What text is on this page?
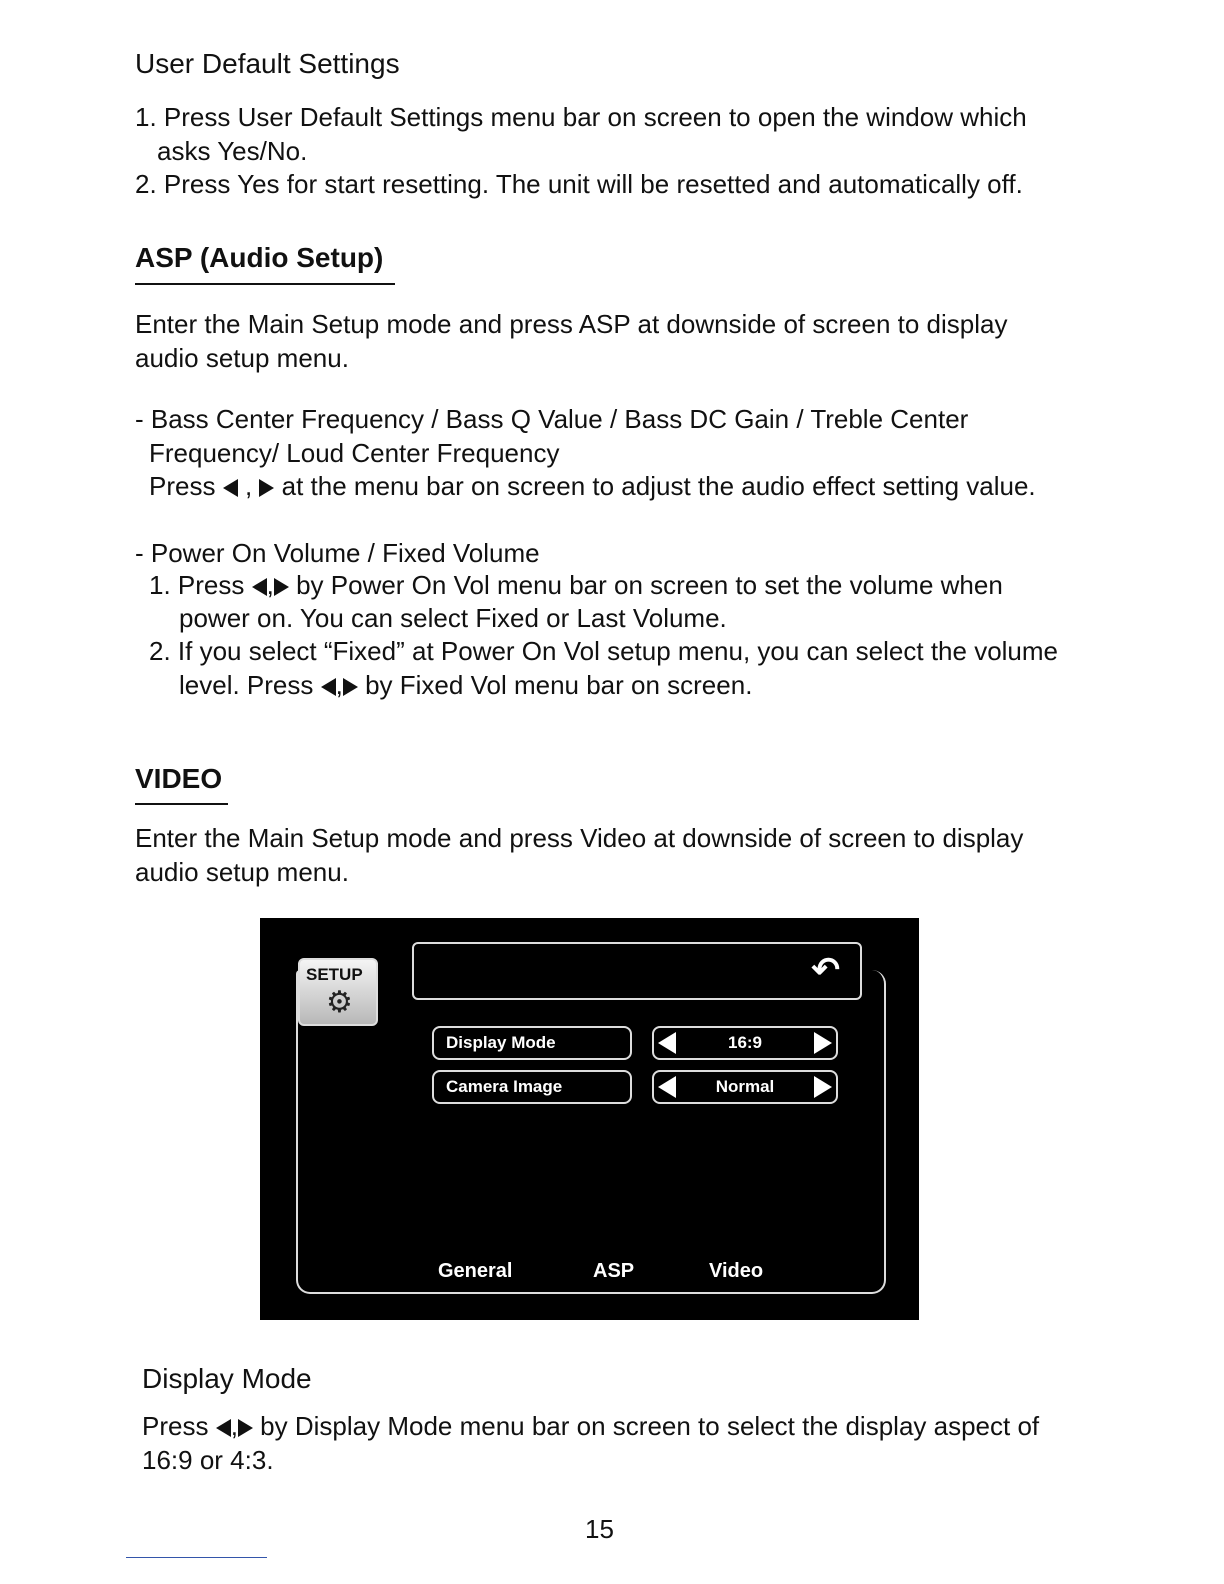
User Default Settings
1. Press User Default Settings menu bar on screen to open the window which
asks Yes/No.
2. Press Yes for start resetting. The unit will be resetted and automatically off.
ASP (Audio Setup)
Enter the Main Setup mode and press ASP at downside of screen to display
audio setup menu.
- Bass Center Frequency / Bass Q Value / Bass DC Gain / Treble Center
Frequency/ Loud Center Frequency
Press , at the menu bar on screen to adjust the audio effect setting value.
- Power On Volume / Fixed Volume
1. Press , by Power On Vol menu bar on screen to set the volume when
power on. You can select Fixed or Last Volume.
2. If you select “Fixed” at Power On Vol setup menu, you can select the volume
level. Press , by Fixed Vol menu bar on screen.
VIDEO
Enter the Main Setup mode and press Video at downside of screen to display
audio setup menu.
↶
SETUP
⚙
Display Mode	16:9
Camera Image	Normal
General	ASP	Video
Display Mode
Press , by Display Mode menu bar on screen to select the display aspect of
16:9 or 4:3.
15
